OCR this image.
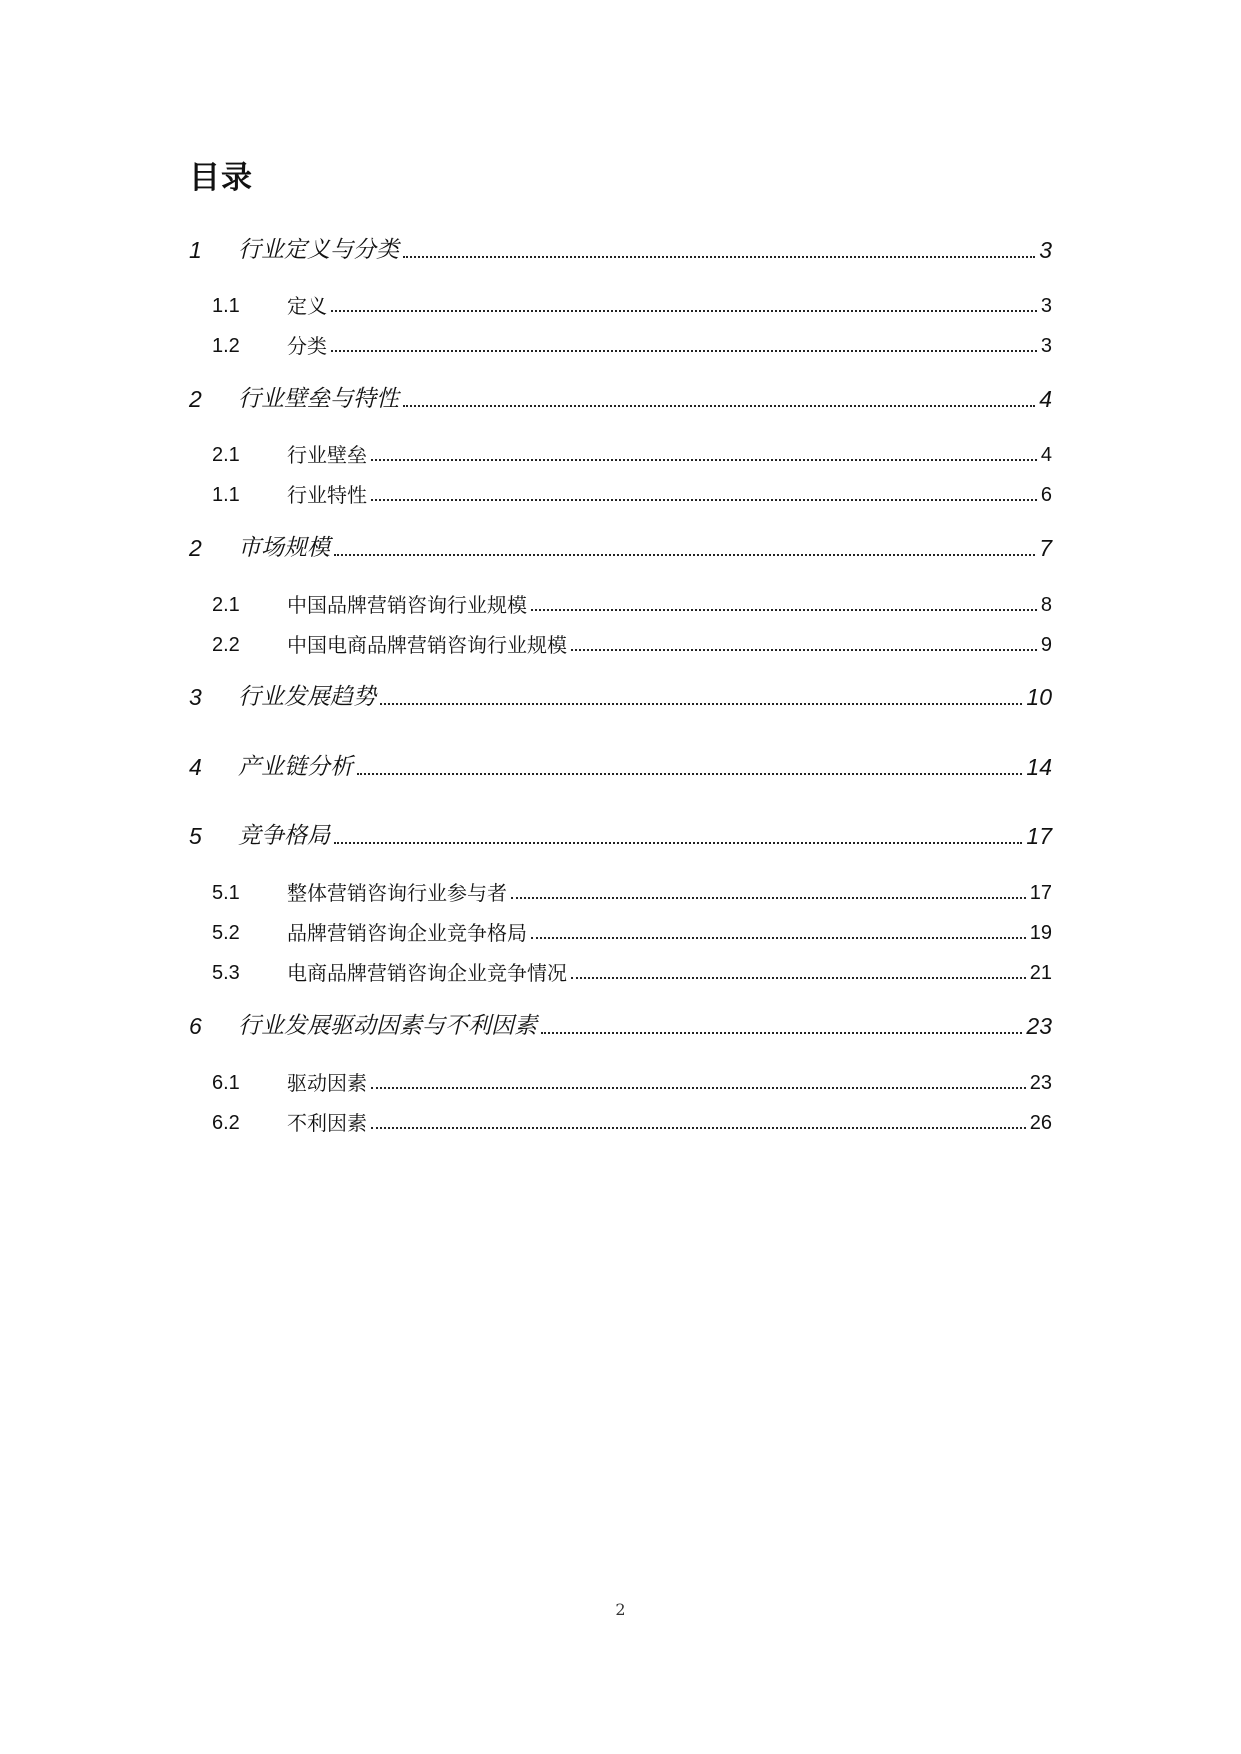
目录
1 行业定义与分类	3
1.1 定义	3
1.2 分类	3
2 行业壁垒与特性	4
2.1 行业壁垒	4
1.1 行业特性	6
2 市场规模	7
2.1 中国品牌营销咨询行业规模	8
2.2 中国电商品牌营销咨询行业规模	9
3 行业发展趋势	10
4 产业链分析	14
5 竞争格局	17
5.1 整体营销咨询行业参与者	17
5.2 品牌营销咨询企业竞争格局	19
5.3 电商品牌营销咨询企业竞争情况	21
6 行业发展驱动因素与不利因素	23
6.1 驱动因素	23
6.2 不利因素	26
2
